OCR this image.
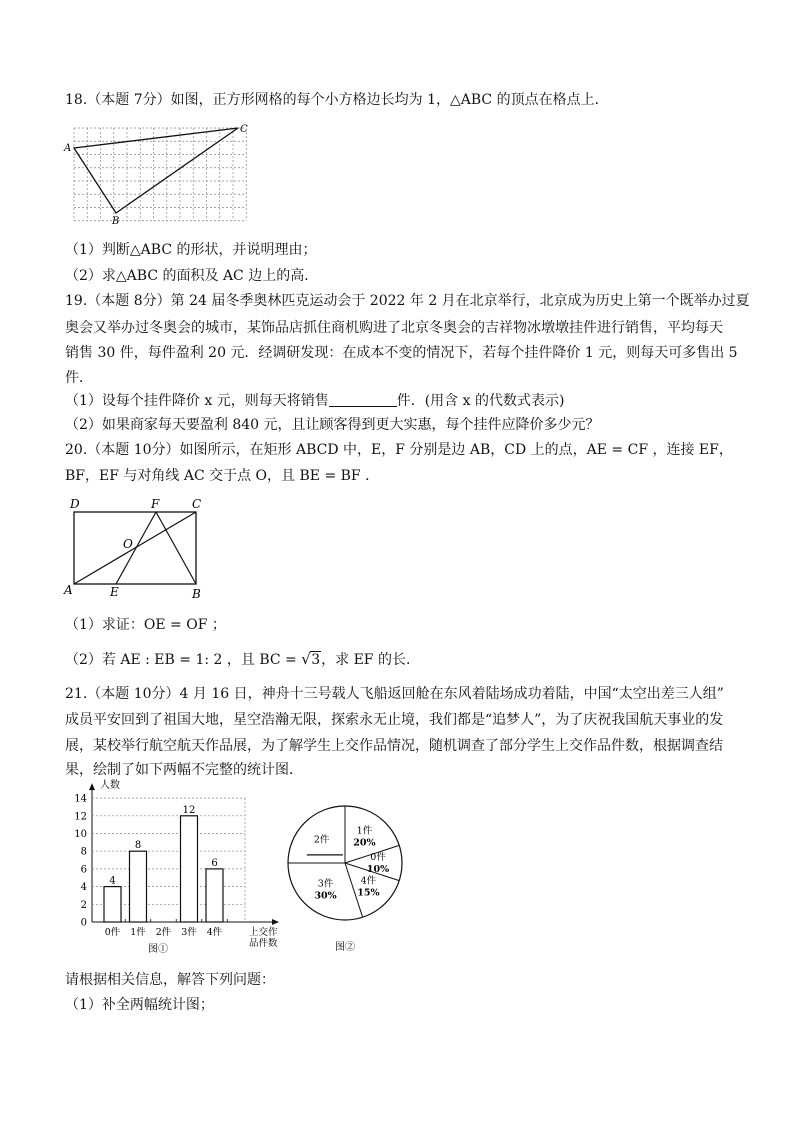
18.（本题 7分）如图，正方形网格的每个小方格边长均为 1，△ABC 的顶点在格点上．
A
B
C
（1）判断△ABC 的形状，并说明理由；
（2）求△ABC 的面积及 AC 边上的高．
19.（本题 8分）第 24 届冬季奥林匹克运动会于 2022 年 2 月在北京举行，北京成为历史上第一个既举办过夏
奥会又举办过冬奥会的城市，某饰品店抓住商机购进了北京冬奥会的吉祥物冰墩墩挂件进行销售，平均每天
销售 30 件，每件盈利 20 元．经调研发现：在成本不变的情况下，若每个挂件降价 1 元，则每天可多售出 5
件．
（1）设每个挂件降价 x 元，则每天将销售	件．(用含 x 的代数式表示)
（2）如果商家每天要盈利 840 元，且让顾客得到更大实惠，每个挂件应降价多少元？
20.（本题 10分）如图所示，在矩形 ABCD 中，E，F 分别是边 AB，CD 上的点，AE = CF ，连接 EF，
BF，EF 与对角线 AC 交于点 O，且 BE = BF ．
D	F	C
O
A	E	B
（1）求证：OE = OF ；
（2）若 AE : EB = 1: 2 ，且 BC = √ 3，求 EF 的长．
21.（本题 10分）4 月 16 日，神舟十三号载人飞船返回舱在东风着陆场成功着陆，中国“太空出差三人组”
成员平安回到了祖国大地，星空浩瀚无限，探索永无止境，我们都是“追梦人”，为了庆祝我国航天事业的发
展，某校举行航空航天作品展，为了解学生上交作品情况，随机调查了部分学生上交作品件数，根据调查结
果，绘制了如下两幅不完整的统计图．
人数
0
2
4
6
8
10
12
14
0件
4
1件
8
2件 3件
12
4件
6
上交作
品件数
图①
1件
20%
0件
10%
4件
15%
3件
30%
2件
图②
请根据相关信息，解答下列问题：
（1）补全两幅统计图；
